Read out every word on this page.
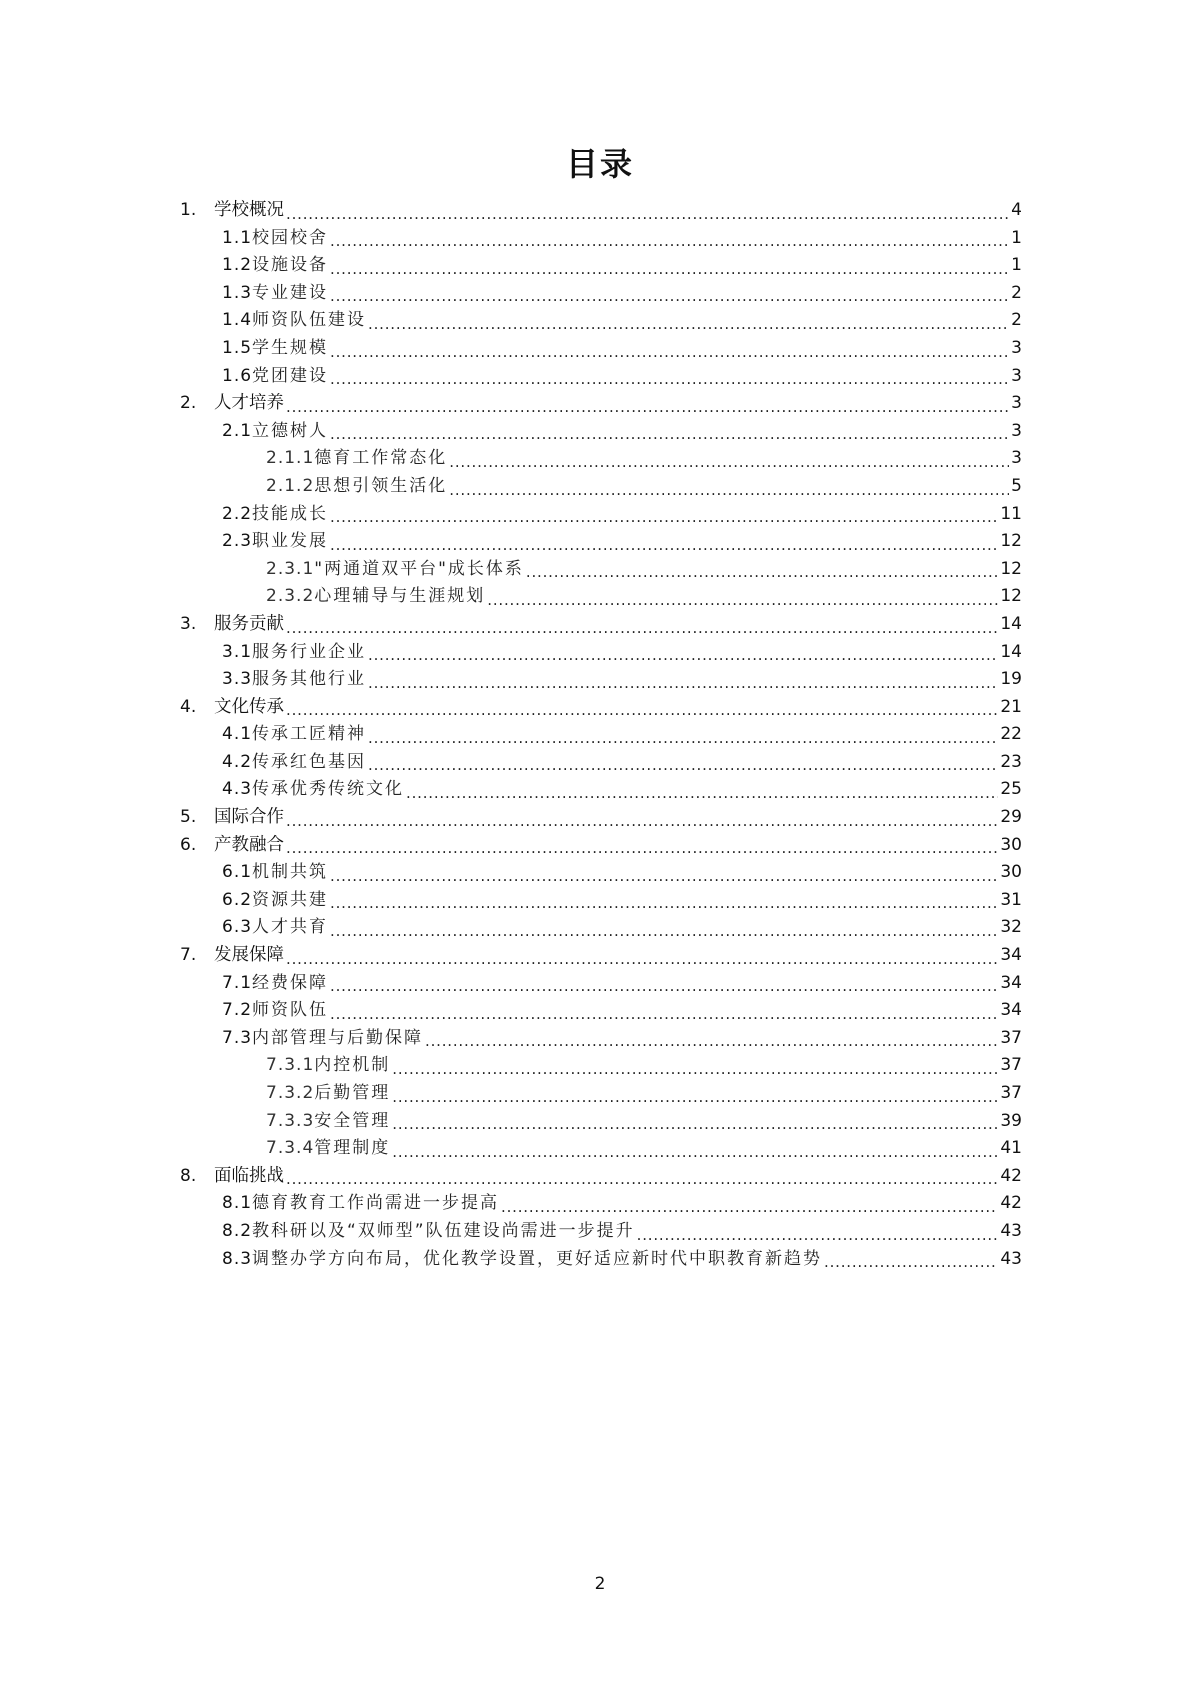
目录
1.	学校概况 .....	4
1.1 校园校舍 .....	1
1.2 设施设备 .....	1
1.3 专业建设 .....	2
1.4 师资队伍建设 .....	2
1.5 学生规模 .....	3
1.6 党团建设 .....	3
2.	人才培养 .....	3
2.1 立德树人 .....	3
2.1.1 德育工作常态化 .....	3
2.1.2 思想引领生活化 .....	5
2.2 技能成长 .....	11
2.3 职业发展 .....	12
2.3.1 "两通道双平台"成长体系 .....	12
2.3.2 心理辅导与生涯规划 .....	12
3.	服务贡献 .....	14
3.1 服务行业企业 .....	14
3.3 服务其他行业 .....	19
4.	文化传承 .....	21
4.1 传承工匠精神 .....	22
4.2 传承红色基因 .....	23
4.3 传承优秀传统文化 .....	25
5.	国际合作 .....	29
6.	产教融合 .....	30
6.1 机制共筑 .....	30
6.2 资源共建 .....	31
6.3 人才共育 .....	32
7.	发展保障 .....	34
7.1 经费保障 .....	34
7.2 师资队伍 .....	34
7.3 内部管理与后勤保障 .....	37
7.3.1 内控机制 .....	37
7.3.2 后勤管理 .....	37
7.3.3 安全管理 .....	39
7.3.4 管理制度 .....	41
8.	面临挑战 .....	42
8.1 德育教育工作尚需进一步提高 .....	42
8.2 教科研以及“双师型”队伍建设尚需进一步提升 .....	43
8.3 调整办学方向布局，优化教学设置，更好适应新时代中职教育新趋势 .....	43
2
